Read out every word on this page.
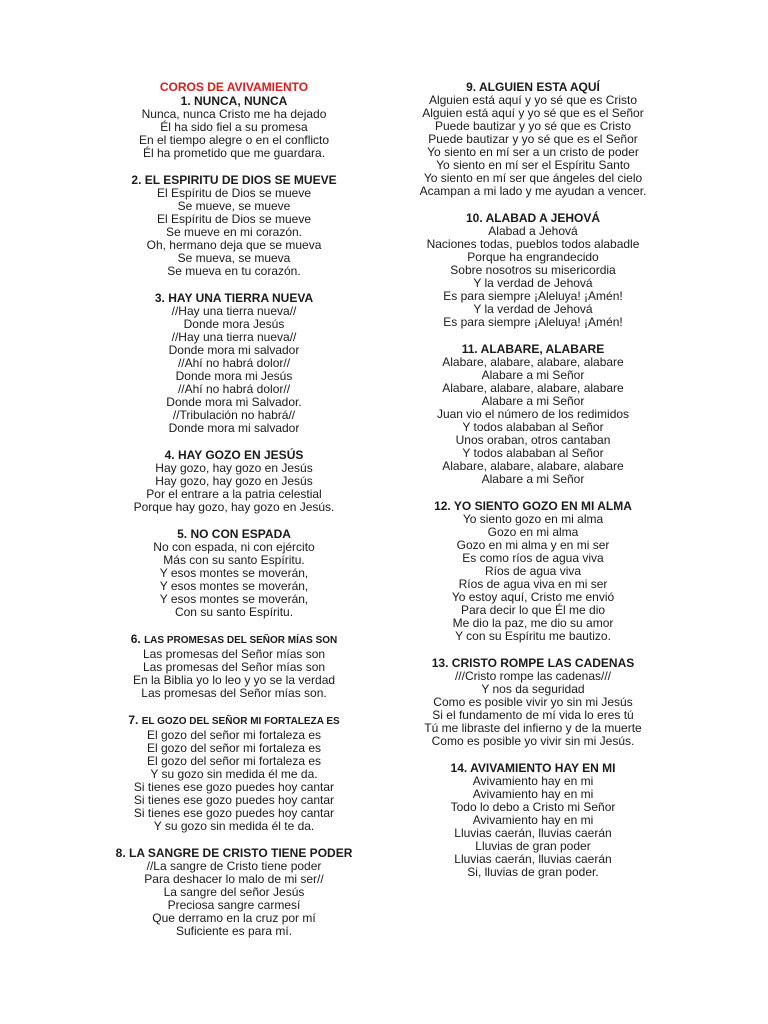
COROS DE AVIVAMIENTO
1. NUNCA, NUNCA
Nunca, nunca Cristo me ha dejado
Él ha sido fiel a su promesa
En el tiempo alegre o en el conflicto
Él ha prometido que me guardara.
2. EL ESPIRITU DE DIOS SE MUEVE
El Espíritu de Dios se mueve
Se mueve, se mueve
El Espíritu de Dios se mueve
Se mueve en mi corazón.
Oh, hermano deja que se mueva
Se mueva, se mueva
Se mueva en tu corazón.
3. HAY UNA TIERRA NUEVA
//Hay una tierra nueva//
Donde mora Jesús
//Hay una tierra nueva//
Donde mora mi salvador
//Ahí no habrá dolor//
Donde mora mi Jesús
//Ahí no habrá dolor//
Donde mora mi Salvador.
//Tribulación no habrá//
Donde mora mi salvador
4. HAY GOZO EN JESÚS
Hay gozo, hay gozo en Jesús
Hay gozo, hay gozo en Jesús
Por el entrare a la patria celestial
Porque hay gozo, hay gozo en Jesús.
5. NO CON ESPADA
No con espada, ni con ejército
Más con su santo Espíritu.
Y esos montes se moverán,
Y esos montes se moverán,
Y esos montes se moverán,
Con su santo Espíritu.
6. LAS PROMESAS DEL SEÑOR MÍAS SON
Las promesas del Señor mías son
Las promesas del Señor mías son
En la Biblia yo lo leo y yo se la verdad
Las promesas del Señor mías son.
7. EL GOZO DEL SEÑOR MI FORTALEZA ES
El gozo del señor mi fortaleza es
El gozo del señor mi fortaleza es
El gozo del señor mi fortaleza es
Y su gozo sin medida él me da.
Si tienes ese gozo puedes hoy cantar
Si tienes ese gozo puedes hoy cantar
Si tienes ese gozo puedes hoy cantar
Y su gozo sin medida él te da.
8. LA SANGRE DE CRISTO TIENE PODER
//La sangre de Cristo tiene poder
Para deshacer lo malo de mi ser//
La sangre del señor Jesús
Preciosa sangre carmesí
Que derramo en la cruz por mí
Suficiente es para mí.
9. ALGUIEN ESTA AQUÍ
Alguien está aquí y yo sé que es Cristo
Alguien está aquí y yo sé que es el Señor
Puede bautizar y yo sé que es Cristo
Puede bautizar y yo sé que es el Señor
Yo siento en mí ser a un cristo de poder
Yo siento en mí ser el Espíritu Santo
Yo siento en mí ser que ángeles del cielo
Acampan a mi lado y me ayudan a vencer.
10. ALABAD A JEHOVÁ
Alabad a Jehová
Naciones todas, pueblos todos alabadle
Porque ha engrandecido
Sobre nosotros su misericordia
Y la verdad de Jehová
Es para siempre ¡Aleluya! ¡Amén!
Y la verdad de Jehová
Es para siempre ¡Aleluya! ¡Amén!
11. ALABARE, ALABARE
Alabare, alabare, alabare, alabare
Alabare a mi Señor
Alabare, alabare, alabare, alabare
Alabare a mi Señor
Juan vio el número de los redimidos
Y todos alababan al Señor
Unos oraban, otros cantaban
Y todos alababan al Señor
Alabare, alabare, alabare, alabare
Alabare a mi Señor
12. YO SIENTO GOZO EN MI ALMA
Yo siento gozo en mi alma
Gozo en mi alma
Gozo en mi alma y en mi ser
Es como ríos de agua viva
Ríos de agua viva
Ríos de agua viva en mi ser
Yo estoy aquí, Cristo me envió
Para decir lo que Él me dio
Me dio la paz, me dio su amor
Y con su Espíritu me bautizo.
13. CRISTO ROMPE LAS CADENAS
///Cristo rompe las cadenas///
Y nos da seguridad
Como es posible vivir yo sin mi Jesús
Si el fundamento de mí vida lo eres tú
Tú me libraste del infierno y de la muerte
Como es posible yo vivir sin mi Jesús.
14. AVIVAMIENTO HAY EN MI
Avivamiento hay en mi
Avivamiento hay en mi
Todo lo debo a Cristo mi Señor
Avivamiento hay en mi
Lluvias caerán, lluvias caerán
Lluvias de gran poder
Lluvias caerán, lluvias caerán
Si, lluvias de gran poder.
